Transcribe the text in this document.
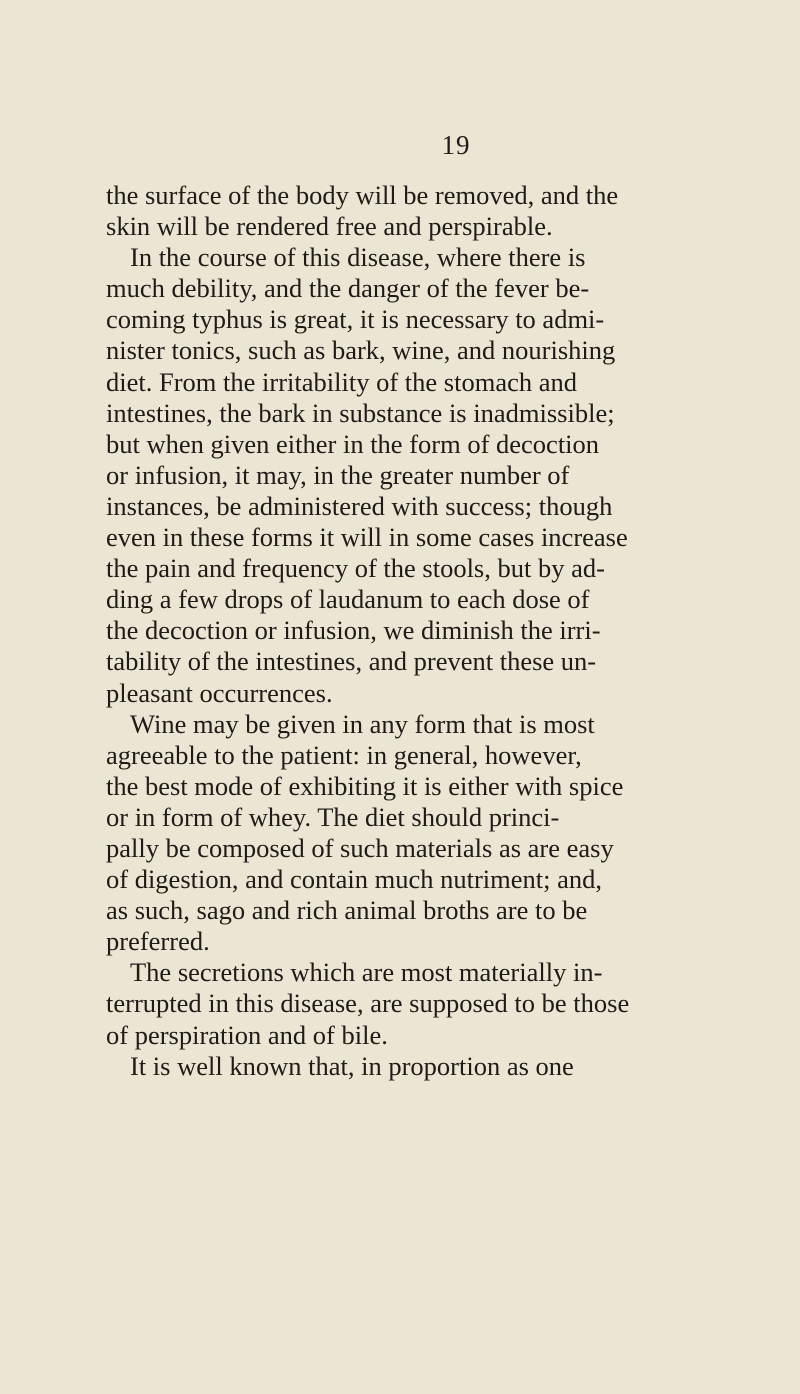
19
the surface of the body will be removed, and the
skin will be rendered free and perspirable.
In the course of this disease, where there is
much debility, and the danger of the fever be-
coming typhus is great, it is necessary to admi-
nister tonics, such as bark, wine, and nourishing
diet. From the irritability of the stomach and
intestines, the bark in substance is inadmissible;
but when given either in the form of decoction
or infusion, it may, in the greater number of
instances, be administered with success; though
even in these forms it will in some cases increase
the pain and frequency of the stools, but by ad-
ding a few drops of laudanum to each dose of
the decoction or infusion, we diminish the irri-
tability of the intestines, and prevent these un-
pleasant occurrences.
Wine may be given in any form that is most
agreeable to the patient: in general, however,
the best mode of exhibiting it is either with spice
or in form of whey. The diet should princi-
pally be composed of such materials as are easy
of digestion, and contain much nutriment; and,
as such, sago and rich animal broths are to be
preferred.
The secretions which are most materially in-
terrupted in this disease, are supposed to be those
of perspiration and of bile.
It is well known that, in proportion as one
